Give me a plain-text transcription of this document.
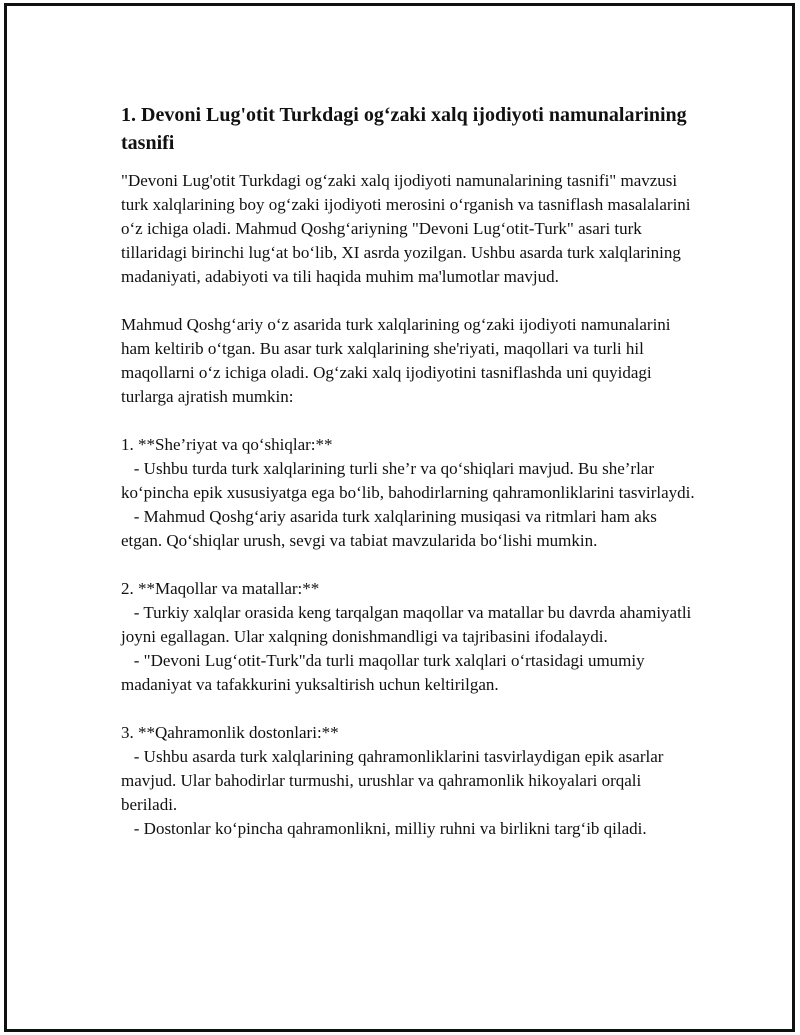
1. Devoni Lug'otit Turkdagi og‘zaki xalq ijodiyoti namunalarining tasnifi

"Devoni Lug'otit Turkdagi og‘zaki xalq ijodiyoti namunalarining tasnifi" mavzusi turk xalqlarining boy og‘zaki ijodiyoti merosini o‘rganish va tasniflash masalalarini o‘z ichiga oladi. Mahmud Qoshg‘ariyning "Devoni Lug‘otit-Turk" asari turk tillaridagi birinchi lug‘at bo‘lib, XI asrda yozilgan. Ushbu asarda turk xalqlarining madaniyati, adabiyoti va tili haqida muhim ma'lumotlar mavjud.

Mahmud Qoshg‘ariy o‘z asarida turk xalqlarining og‘zaki ijodiyoti namunalarini ham keltirib o‘tgan. Bu asar turk xalqlarining she'riyati, maqollari va turli hil maqollarni o‘z ichiga oladi. Og‘zaki xalq ijodiyotini tasniflashda uni quyidagi turlarga ajratish mumkin:

1. **She’riyat va qo‘shiqlar:**

- Ushbu turda turk xalqlarining turli she’r va qo‘shiqlari mavjud. Bu she’rlar ko‘pincha epik xususiyatga ega bo‘lib, bahodirlarning qahramonliklarini tasvirlaydi.

- Mahmud Qoshg‘ariy asarida turk xalqlarining musiqasi va ritmlari ham aks etgan. Qo‘shiqlar urush, sevgi va tabiat mavzularida bo‘lishi mumkin.

2. **Maqollar va matallar:**

- Turkiy xalqlar orasida keng tarqalgan maqollar va matallar bu davrda ahamiyatli joyni egallagan. Ular xalqning donishmandligi va tajribasini ifodalaydi.

- "Devoni Lug‘otit-Turk"da turli maqollar turk xalqlari o‘rtasidagi umumiy madaniyat va tafakkurini yuksaltirish uchun keltirilgan.

3. **Qahramonlik dostonlari:**

- Ushbu asarda turk xalqlarining qahramonliklarini tasvirlaydigan epik asarlar mavjud. Ular bahodirlar turmushi, urushlar va qahramonlik hikoyalari orqali beriladi.

- Dostonlar ko‘pincha qahramonlikni, milliy ruhni va birlikni targ‘ib qiladi.
